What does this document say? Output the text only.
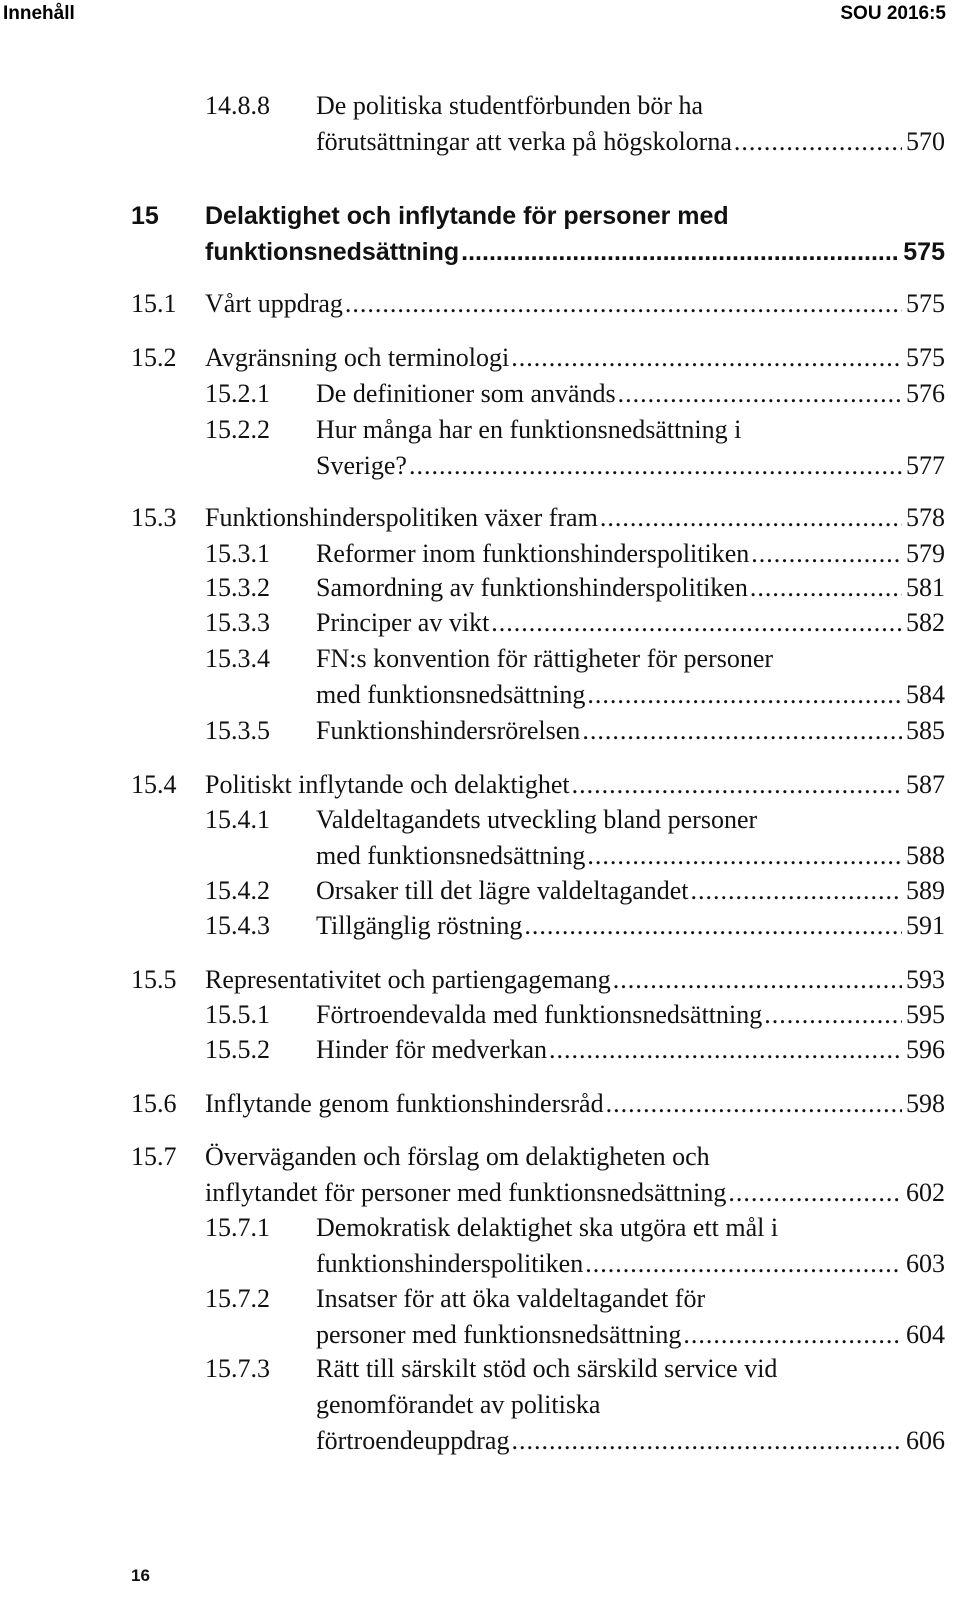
Innehåll	SOU 2016:5
14.8.8 De politiska studentförbunden bör ha
förutsättningar att verka på högskolorna .....	570
15 Delaktighet och inflytande för personer med
funktionsnedsättning .....	575
15.1 Vårt uppdrag .....	575
15.2 Avgränsning och terminologi .....	575
15.2.1 De definitioner som används .....	576
15.2.2 Hur många har en funktionsnedsättning i
Sverige? .....	577
15.3 Funktionshinderspolitiken växer fram .....	578
15.3.1 Reformer inom funktionshinderspolitiken .....	579
15.3.2 Samordning av funktionshinderspolitiken .....	581
15.3.3 Principer av vikt .....	582
15.3.4 FN:s konvention för rättigheter för personer
med funktionsnedsättning .....	584
15.3.5 Funktionshindersrörelsen .....	585
15.4 Politiskt inflytande och delaktighet .....	587
15.4.1 Valdeltagandets utveckling bland personer
med funktionsnedsättning .....	588
15.4.2 Orsaker till det lägre valdeltagandet .....	589
15.4.3 Tillgänglig röstning .....	591
15.5 Representativitet och partiengagemang .....	593
15.5.1 Förtroendevalda med funktionsnedsättning .....	595
15.5.2 Hinder för medverkan .....	596
15.6 Inflytande genom funktionshindersråd .....	598
15.7 Överväganden och förslag om delaktigheten och
inflytandet för personer med funktionsnedsättning .....	602
15.7.1 Demokratisk delaktighet ska utgöra ett mål i
funktionshinderspolitiken .....	603
15.7.2 Insatser för att öka valdeltagandet för
personer med funktionsnedsättning .....	604
15.7.3 Rätt till särskilt stöd och särskild service vid
genomförandet av politiska
förtroendeuppdrag .....	606
16
